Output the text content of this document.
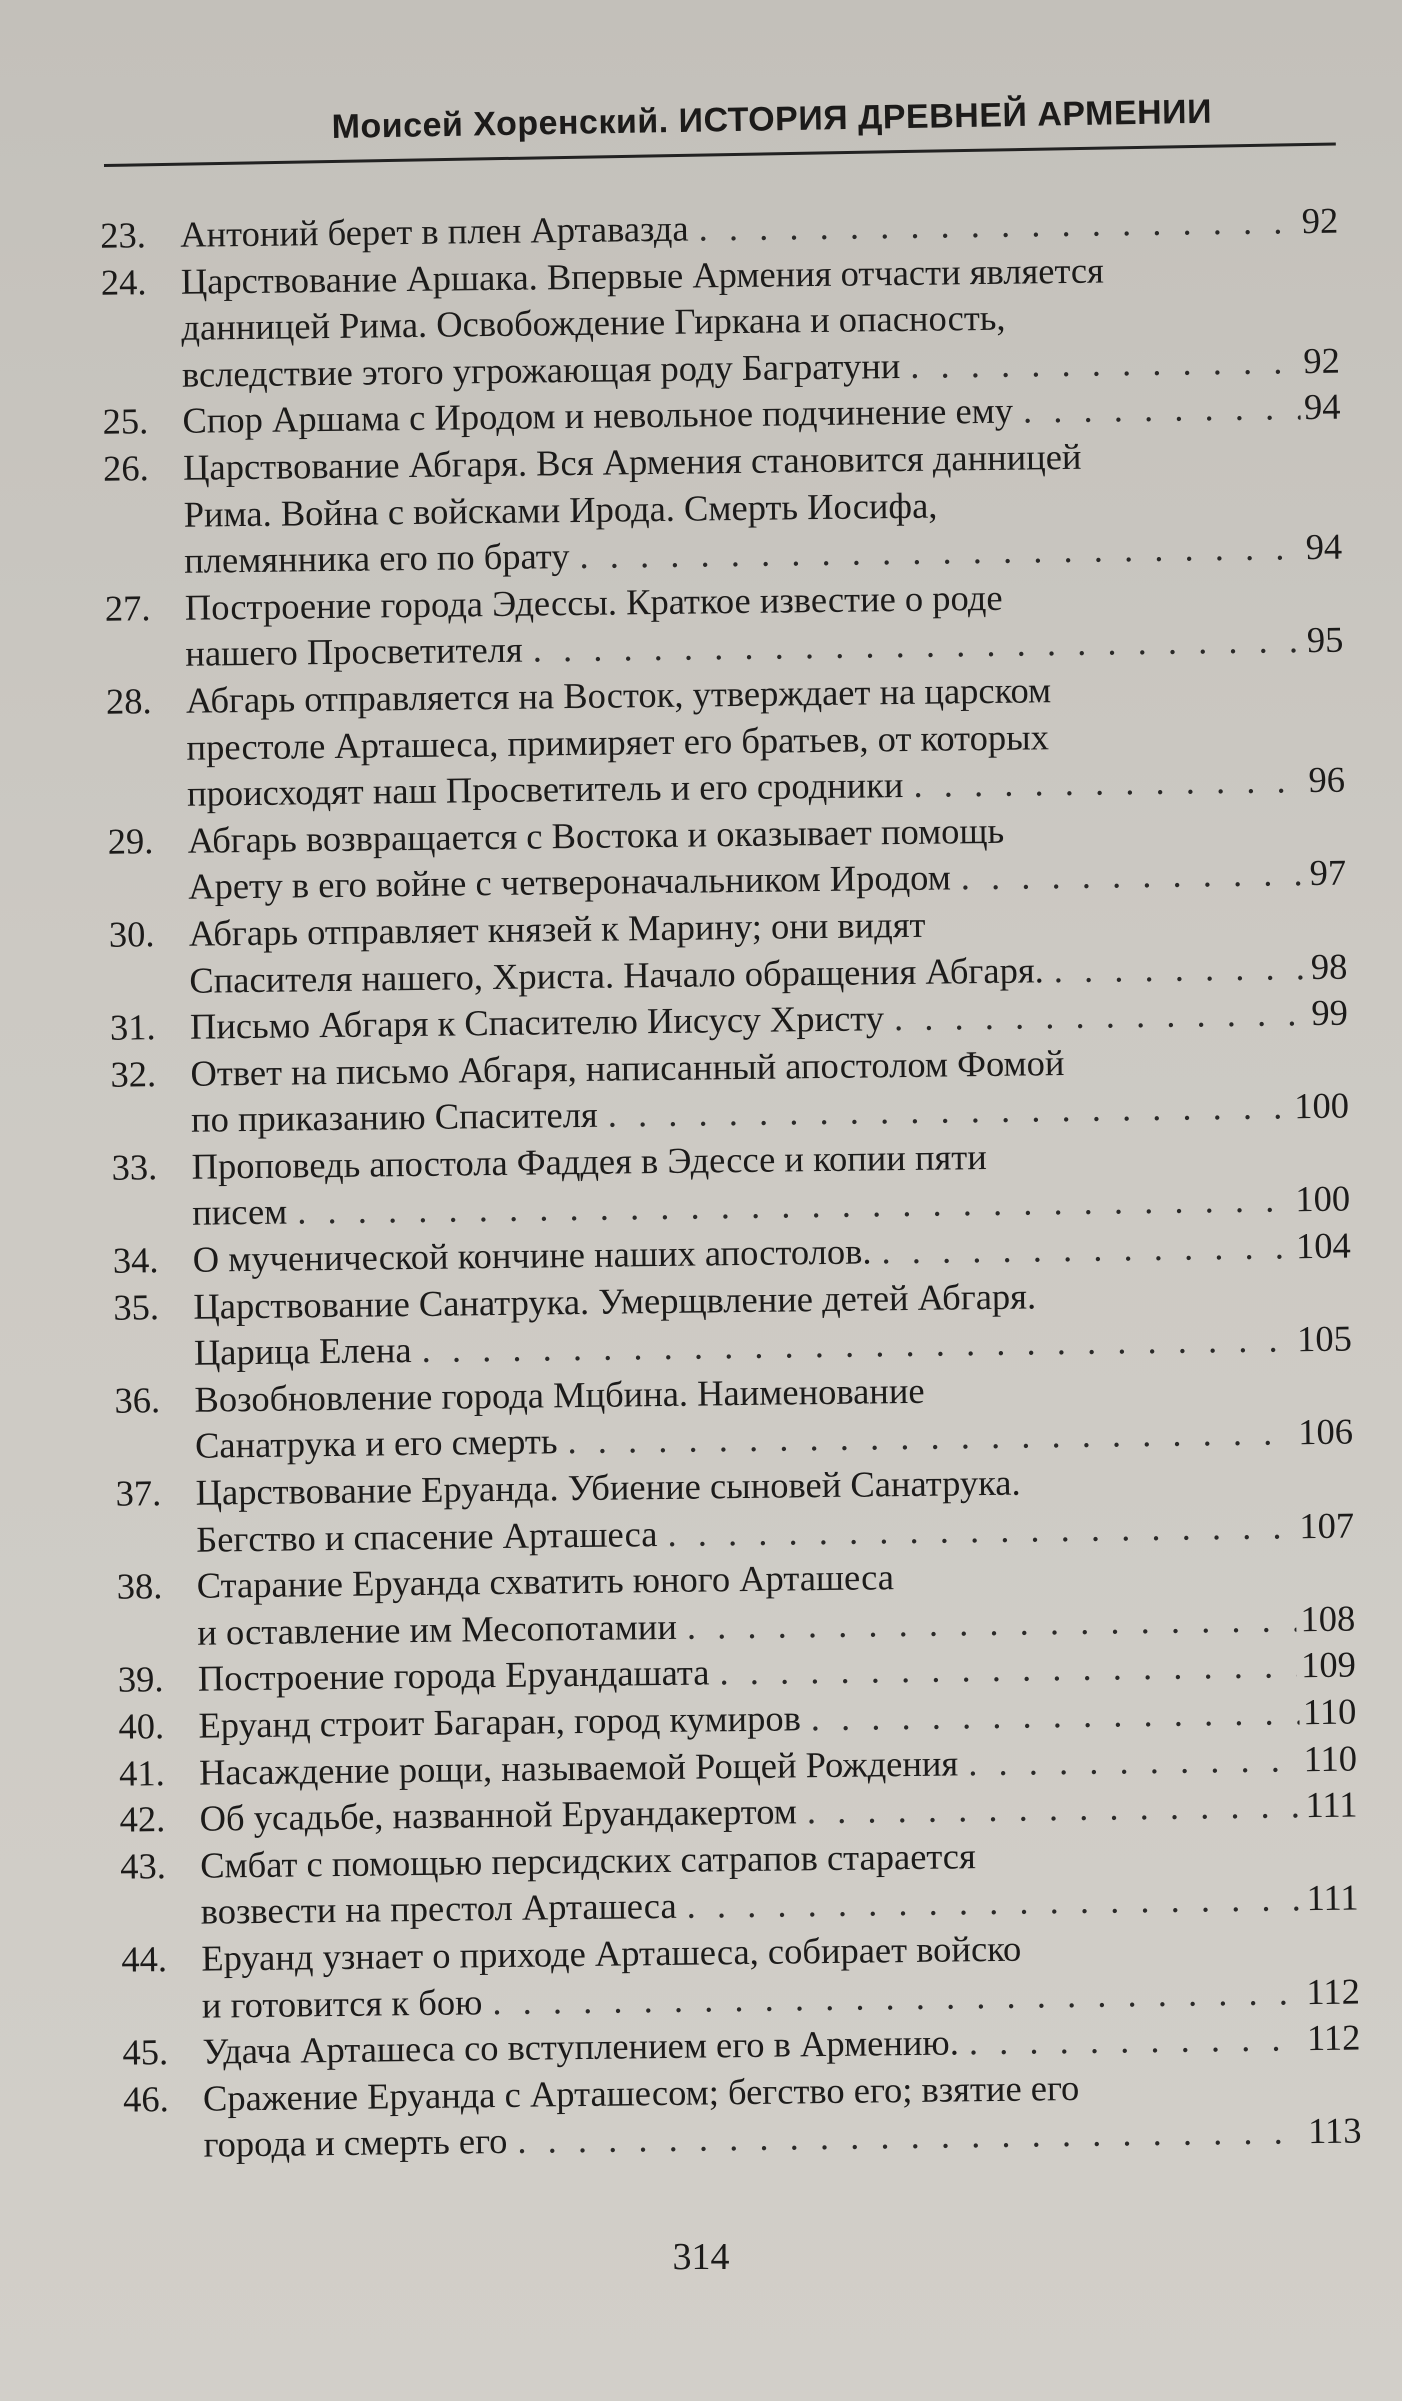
Моисей Хоренский. ИСТОРИЯ ДРЕВНЕЙ АРМЕНИИ
23. Антоний берет в плен Артавазда . . .	92
24. Царствование Аршака. Впервые Армения отчасти является
данницей Рима. Освобождение Гиркана и опасность,
вследствие этого угрожающая роду Багратуни . . .	92
25. Спор Аршама с Иродом и невольное подчинение ему . . .	94
26. Царствование Абгаря. Вся Армения становится данницей
Рима. Война с войсками Ирода. Смерть Иосифа,
племянника его по брату . . .	94
27. Построение города Эдессы. Краткое известие о роде
нашего Просветителя . . .	95
28. Абгарь отправляется на Восток, утверждает на царском
престоле Арташеса, примиряет его братьев, от которых
происходят наш Просветитель и его сродники . . .	96
29. Абгарь возвращается с Востока и оказывает помощь
Арету в его войне с четвероначальником Иродом . . .	97
30. Абгарь отправляет князей к Марину; они видят
Спасителя нашего, Христа. Начало обращения Абгаря. . . .	98
31. Письмо Абгаря к Спасителю Иисусу Христу . . .	99
32. Ответ на письмо Абгаря, написанный апостолом Фомой
по приказанию Спасителя . . .	100
33. Проповедь апостола Фаддея в Эдессе и копии пяти
писем . . .	100
34. О мученической кончине наших апостолов. . . .	104
35. Царствование Санатрука. Умерщвление детей Абгаря.
Царица Елена . . .	105
36. Возобновление города Мцбина. Наименование
Санатрука и его смерть . . .	106
37. Царствование Еруанда. Убиение сыновей Санатрука.
Бегство и спасение Арташеса . . .	107
38. Старание Еруанда схватить юного Арташеса
и оставление им Месопотамии . . .	108
39. Построение города Еруандашата . . .	109
40. Еруанд строит Багаран, город кумиров . . .	110
41. Насаждение рощи, называемой Рощей Рождения . . .	110
42. Об усадьбе, названной Еруандакертом . . .	111
43. Смбат с помощью персидских сатрапов старается
возвести на престол Арташеса . . .	111
44. Еруанд узнает о приходе Арташеса, собирает войско
и готовится к бою . . .	112
45. Удача Арташеса со вступлением его в Армению. . . .	112
46. Сражение Еруанда с Арташесом; бегство его; взятие его
города и смерть его . . .	113
314
